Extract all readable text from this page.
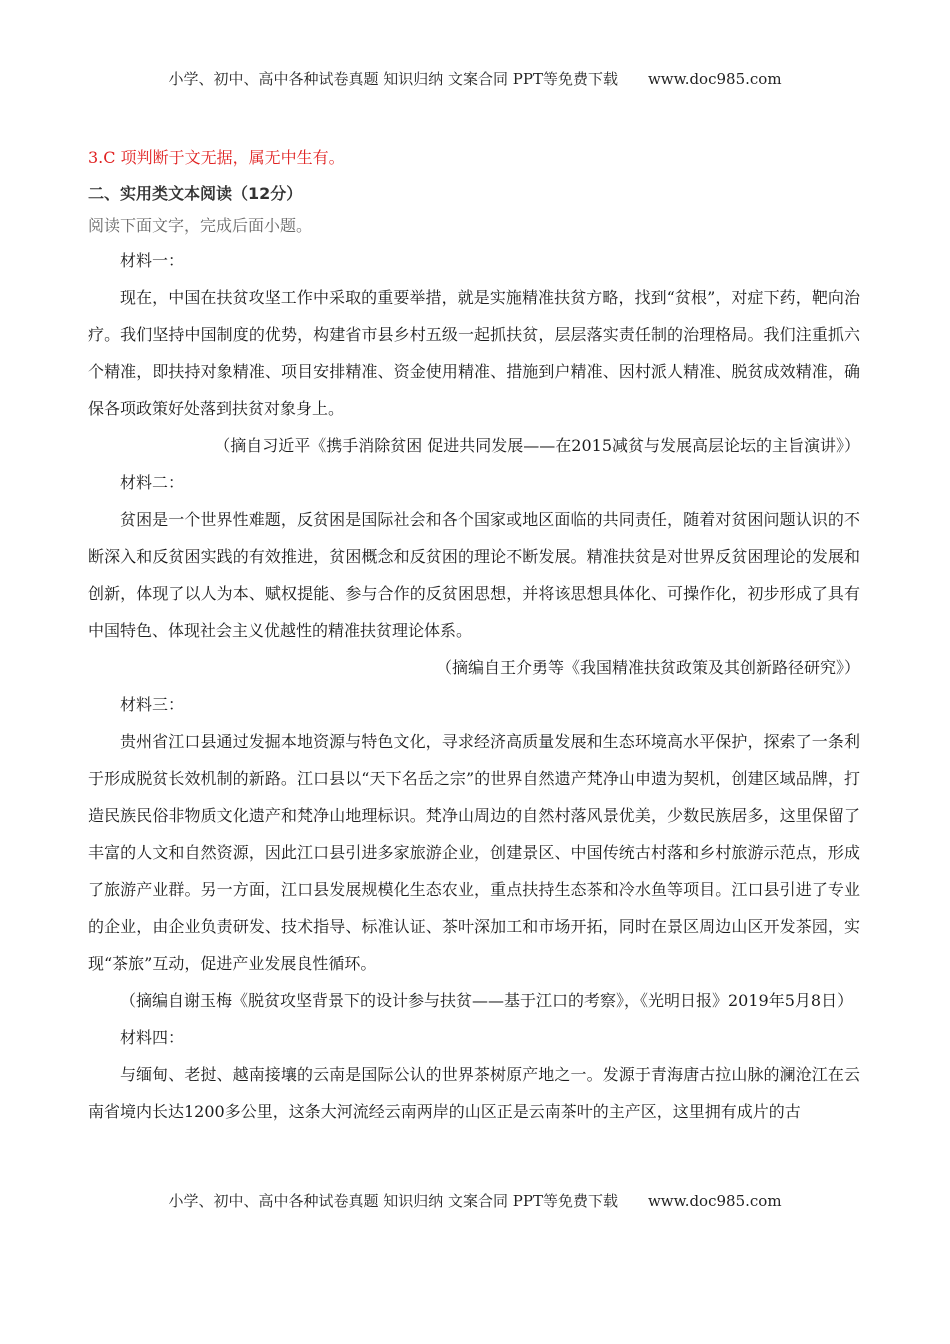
小学、初中、高中各种试卷真题 知识归纳 文案合同 PPT等免费下载 www.doc985.com

3.C 项判断于文无据，属无中生有。

二、实用类文本阅读（12分）

阅读下面文字，完成后面小题。

材料一：

现在，中国在扶贫攻坚工作中采取的重要举措，就是实施精准扶贫方略，找到“贫根”，对症下药，靶向治疗。我们坚持中国制度的优势，构建省市县乡村五级一起抓扶贫，层层落实责任制的治理格局。我们注重抓六个精准，即扶持对象精准、项目安排精准、资金使用精准、措施到户精准、因村派人精准、脱贫成效精准，确保各项政策好处落到扶贫对象身上。

（摘自习近平《携手消除贫困 促进共同发展——在2015减贫与发展高层论坛的主旨演讲》）

材料二：

贫困是一个世界性难题，反贫困是国际社会和各个国家或地区面临的共同责任，随着对贫困问题认识的不断深入和反贫困实践的有效推进，贫困概念和反贫困的理论不断发展。精准扶贫是对世界反贫困理论的发展和创新，体现了以人为本、赋权提能、参与合作的反贫困思想，并将该思想具体化、可操作化，初步形成了具有中国特色、体现社会主义优越性的精准扶贫理论体系。

（摘编自王介勇等《我国精准扶贫政策及其创新路径研究》）

材料三：

贵州省江口县通过发掘本地资源与特色文化，寻求经济高质量发展和生态环境高水平保护，探索了一条利于形成脱贫长效机制的新路。江口县以“天下名岳之宗”的世界自然遗产梵净山申遗为契机，创建区域品牌，打造民族民俗非物质文化遗产和梵净山地理标识。梵净山周边的自然村落风景优美，少数民族居多，这里保留了丰富的人文和自然资源，因此江口县引进多家旅游企业，创建景区、中国传统古村落和乡村旅游示范点，形成了旅游产业群。另一方面，江口县发展规模化生态农业，重点扶持生态茶和冷水鱼等项目。江口县引进了专业的企业，由企业负责研发、技术指导、标准认证、茶叶深加工和市场开拓，同时在景区周边山区开发茶园，实现“茶旅”互动，促进产业发展良性循环。

（摘编自谢玉梅《脱贫攻坚背景下的设计参与扶贫——基于江口的考察》，《光明日报》2019年5月8日）

材料四：

与缅甸、老挝、越南接壤的云南是国际公认的世界茶树原产地之一。发源于青海唐古拉山脉的澜沧江在云南省境内长达1200多公里，这条大河流经云南两岸的山区正是云南茶叶的主产区，这里拥有成片的古

小学、初中、高中各种试卷真题 知识归纳 文案合同 PPT等免费下载 www.doc985.com
